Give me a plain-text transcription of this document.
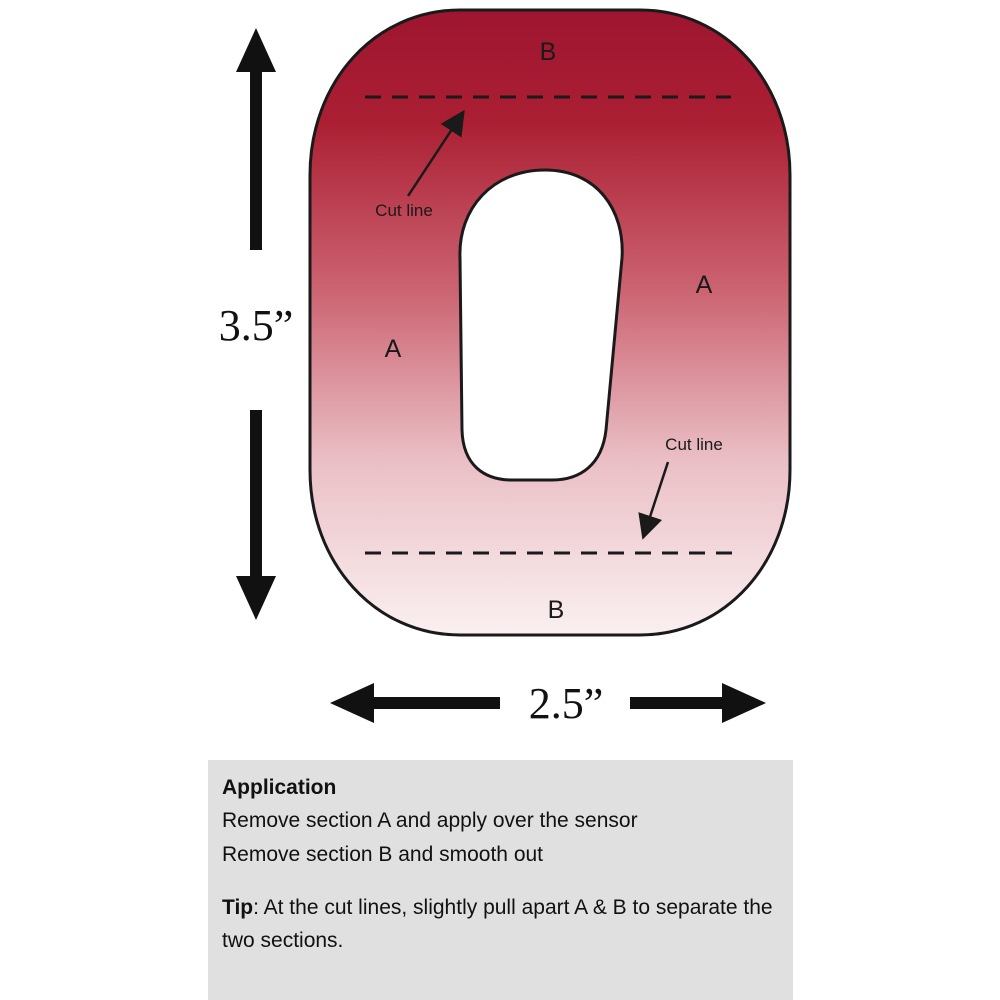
B
B
A
A
Cut line
Cut line
3.5”
2.5”

Application

Remove section A and apply over the sensor

Remove section B and smooth out

Tip: At the cut lines, slightly pull apart A & B to separate the two sections.
